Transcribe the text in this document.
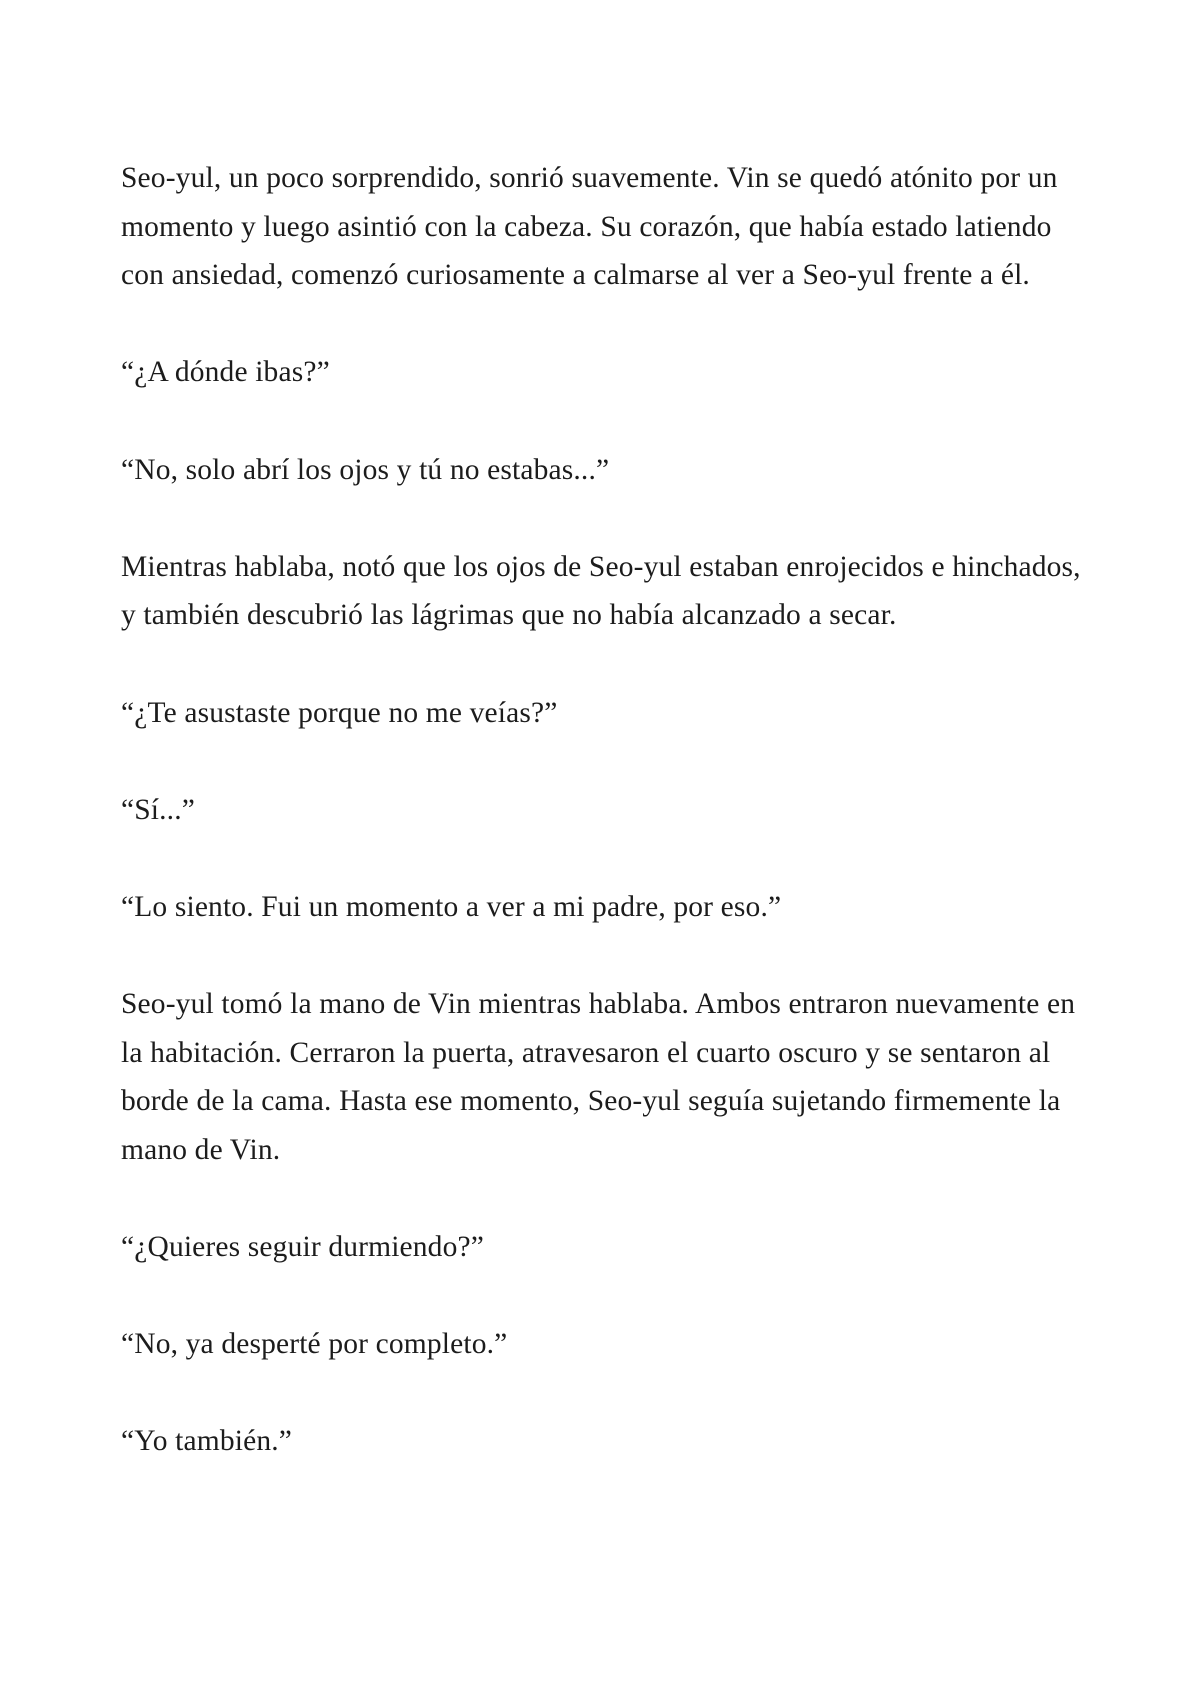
Seo-yul, un poco sorprendido, sonrió suavemente. Vin se quedó atónito por un momento y luego asintió con la cabeza. Su corazón, que había estado latiendo con ansiedad, comenzó curiosamente a calmarse al ver a Seo-yul frente a él.

“¿A dónde ibas?”

“No, solo abrí los ojos y tú no estabas...”

Mientras hablaba, notó que los ojos de Seo-yul estaban enrojecidos e hinchados, y también descubrió las lágrimas que no había alcanzado a secar.

“¿Te asustaste porque no me veías?”

“Sí...”

“Lo siento. Fui un momento a ver a mi padre, por eso.”

Seo-yul tomó la mano de Vin mientras hablaba. Ambos entraron nuevamente en la habitación. Cerraron la puerta, atravesaron el cuarto oscuro y se sentaron al borde de la cama. Hasta ese momento, Seo-yul seguía sujetando firmemente la mano de Vin.

“¿Quieres seguir durmiendo?”

“No, ya desperté por completo.”

“Yo también.”
